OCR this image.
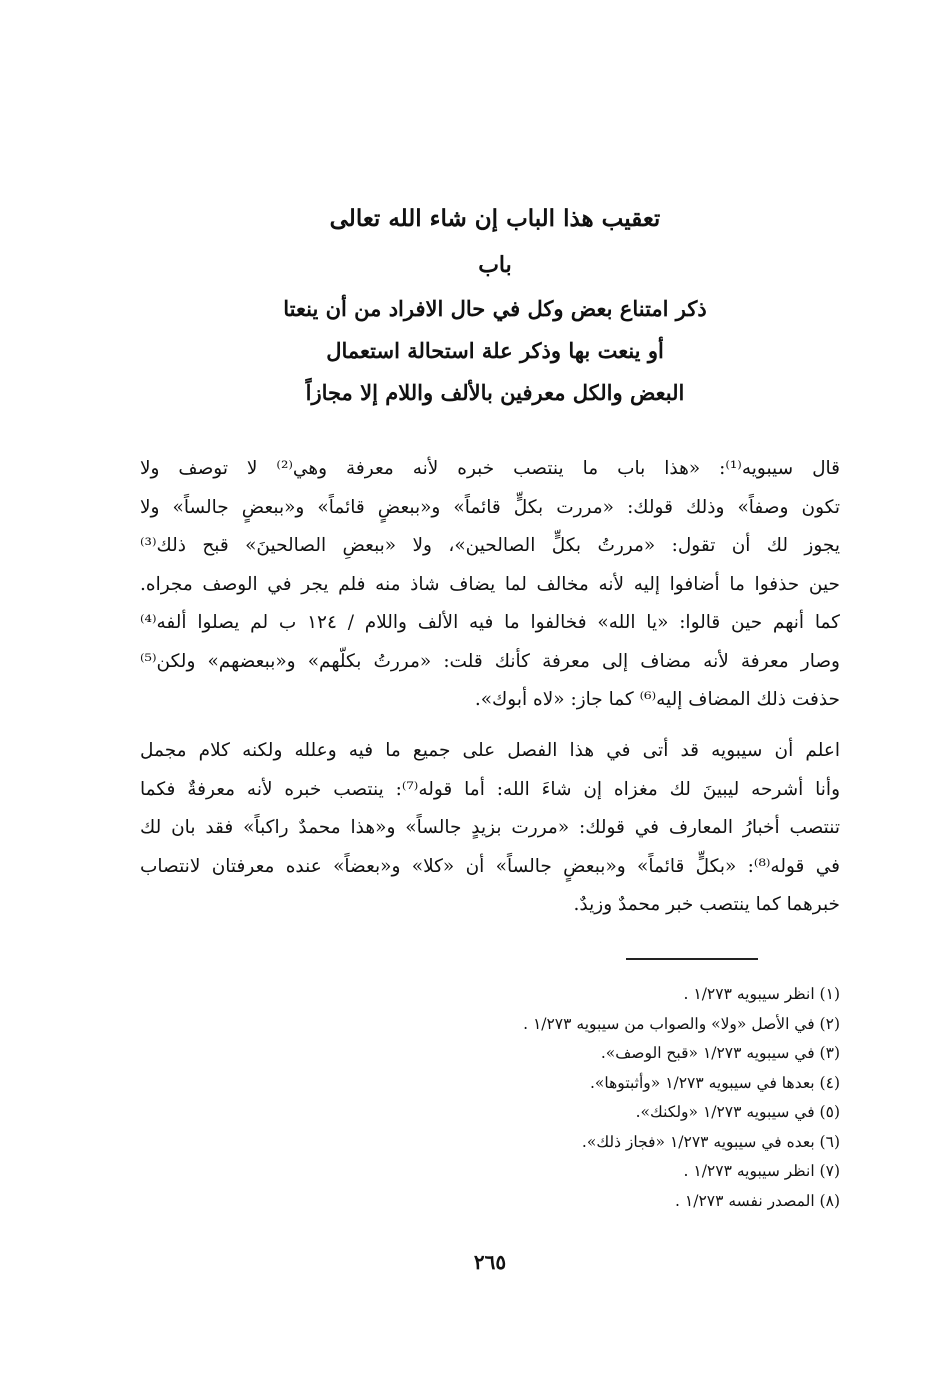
تعقيب هذا الباب إن شاء الله تعالى
باب
ذكر امتناع بعض وكل في حال الافراد من أن ينعتا
أو ينعت بها وذكر علة استحالة استعمال
البعض والكل معرفين بالألف واللام إلا مجازاً
قال سيبويه⁽¹⁾: «هذا باب ما ينتصب خبره لأنه معرفة وهي⁽²⁾ لا توصف ولا
تكون وصفاً» وذلك قولك: «مررت بكلٍّ قائماً» و«ببعضٍ قائماً» و«ببعضٍ جالساً» ولا
يجوز لك أن تقول: «مررتُ بكلٍّ الصالحين»، ولا «ببعضِ الصالحينَ» قبح ذلك⁽³⁾
حين حذفوا ما أضافوا إليه لأنه مخالف لما يضاف شاذ منه فلم يجر في الوصف مجراه.
كما أنهم حين قالوا: «يا الله» فخالفوا ما فيه الألف واللام / ١٢٤ ب لم يصلوا ألفه⁽⁴⁾
وصار معرفة لأنه مضاف إلى معرفة كأنك قلت: «مررتُ بكلّهم» و«ببعضهم» ولكن⁽⁵⁾
حذفت ذلك المضاف إليه⁽⁶⁾ كما جاز: «لاه أبوك».
اعلم أن سيبويه قد أتى في هذا الفصل على جميع ما فيه وعلله ولكنه كلام مجمل
وأنا أشرحه ليبينَ لك مغزاه إن شاءَ الله: أما قوله⁽⁷⁾: ينتصب خبره لأنه معرفةٌ فكما
تنتصب أخبارُ المعارف في قولك: «مررت بزيدٍ جالساً» و«هذا محمدٌ راكباً» فقد بان لك
في قوله⁽⁸⁾: «بكلٍّ قائماً» و«ببعضٍ جالساً» أن «كلا» و«بعضاً» عنده معرفتان لانتصاب
خبرهما كما ينتصب خبر محمدٌ وزيدٌ.
(١) انظر سيبويه ١/٢٧٣ .
(٢) في الأصل «ولا» والصواب من سيبويه ١/٢٧٣ .
(٣) في سيبويه ١/٢٧٣ «قبح الوصف».
(٤) بعدها في سيبويه ١/٢٧٣ «وأثبتوها».
(٥) في سيبويه ١/٢٧٣ «ولكنك».
(٦) بعده في سيبويه ١/٢٧٣ «فجاز ذلك».
(٧) انظر سيبويه ١/٢٧٣ .
(٨) المصدر نفسه ١/٢٧٣ .
٢٦٥
